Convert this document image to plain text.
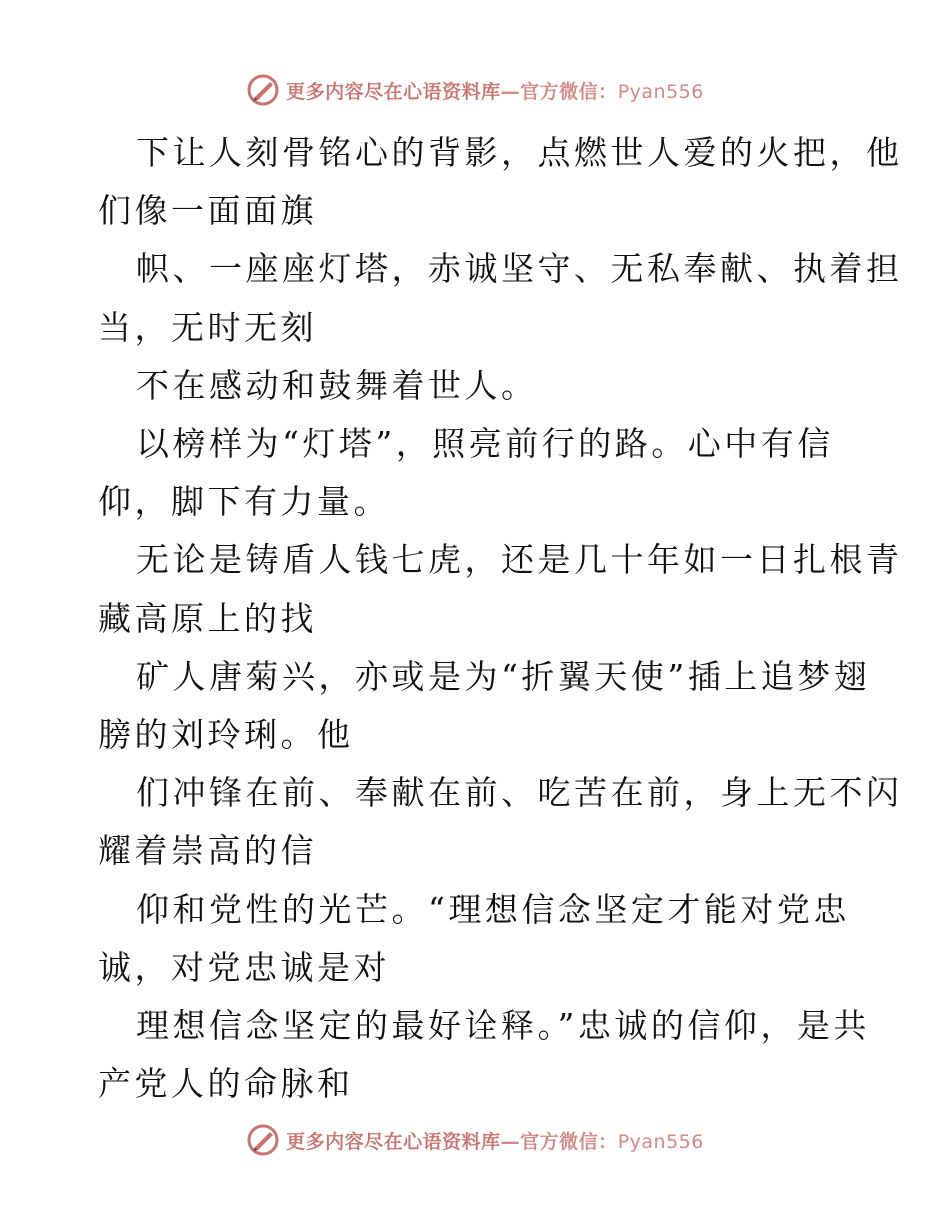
更多内容尽在心语资料库—官方微信：Pyan556
下让人刻骨铭心的背影，点燃世人爱的火把，他
们像一面面旗
帜、一座座灯塔，赤诚坚守、无私奉献、执着担
当，无时无刻
不在感动和鼓舞着世人。
以榜样为“灯塔”，照亮前行的路。心中有信
仰，脚下有力量。
无论是铸盾人钱七虎，还是几十年如一日扎根青
藏高原上的找
矿人唐菊兴，亦或是为“折翼天使”插上追梦翅
膀的刘玲琍。他
们冲锋在前、奉献在前、吃苦在前，身上无不闪
耀着崇高的信
仰和党性的光芒。“理想信念坚定才能对党忠
诚，对党忠诚是对
理想信念坚定的最好诠释。”忠诚的信仰，是共
产党人的命脉和
更多内容尽在心语资料库—官方微信：Pyan556
